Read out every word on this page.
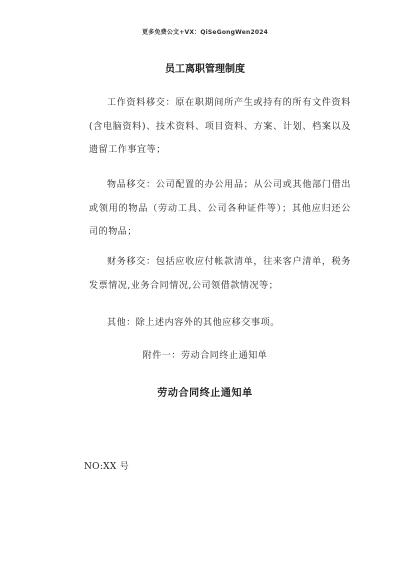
更多免费公文+VX：QiSeGongWen2024
员工离职管理制度
工作资料移交：原在职期间所产生或持有的所有文件资料(含电脑资料)、技术资料、项目资料、方案、计划、档案以及遗留工作事宜等；
物品移交：公司配置的办公用品；从公司或其他部门借出或领用的物品（劳动工具、公司各种证件等）；其他应归还公司的物品；
财务移交：包括应收应付帐款清单，往来客户清单，税务发票情况,业务合同情况,公司领借款情况等；
其他：除上述内容外的其他应移交事项。
附件一：劳动合同终止通知单
劳动合同终止通知单
NO:XX 号
